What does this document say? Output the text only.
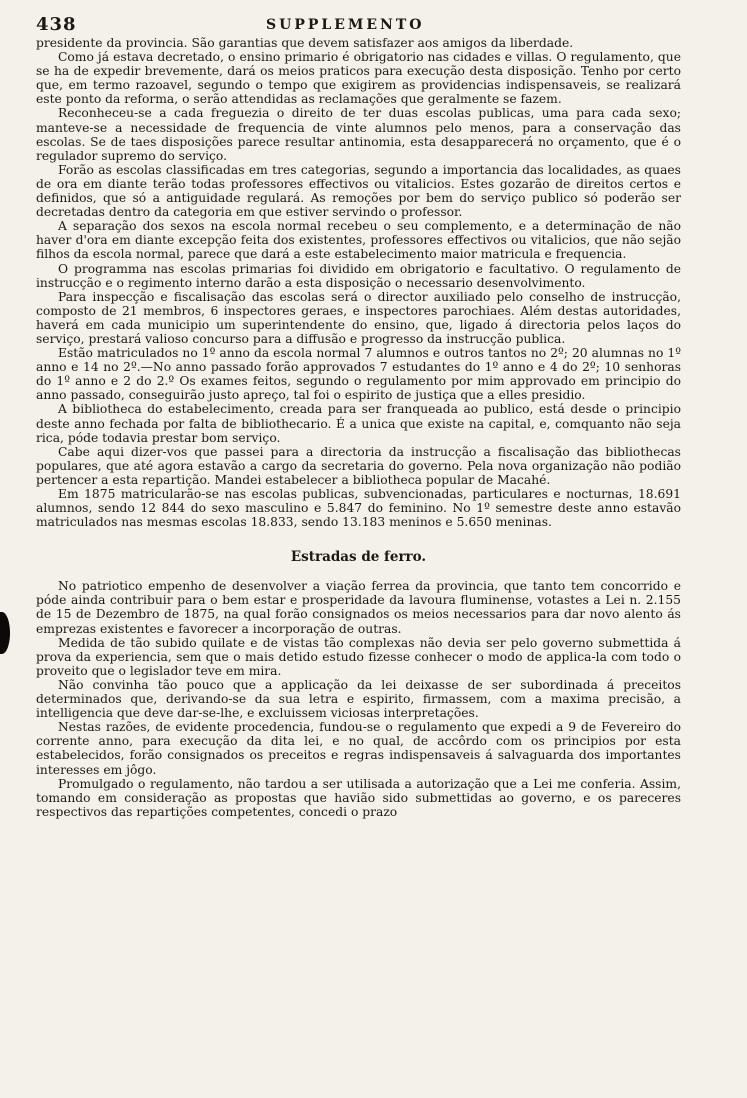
438	SUPPLEMENTO

presidente da provincia. São garantias que devem satisfazer aos amigos da liberdade.

Como já estava decretado, o ensino primario é obrigatorio nas cidades e villas. O regulamento, que se ha de expedir brevemente, dará os meios praticos para execução desta disposição. Tenho por certo que, em termo razoavel, segundo o tempo que exigirem as providencias indispensaveis, se realizará este ponto da reforma, o serão attendidas as reclamações que geralmente se fazem.

Reconheceu-se a cada freguezia o direito de ter duas escolas publicas, uma para cada sexo; manteve-se a necessidade de frequencia de vinte alumnos pelo menos, para a conservação das escolas. Se de taes disposições parece resultar antinomia, esta desapparecerá no orçamento, que é o regulador supremo do serviço.

Forão as escolas classificadas em tres categorias, segundo a importancia das localidades, as quaes de ora em diante terão todas professores effectivos ou vitalicios. Estes gozarão de direitos certos e definidos, que só a antiguidade regulará. As remoções por bem do serviço publico só poderão ser decretadas dentro da categoria em que estiver servindo o professor.

A separação dos sexos na escola normal recebeu o seu complemento, e a determinação de não haver d'ora em diante excepção feita dos existentes, professores effectivos ou vitalicios, que não sejão filhos da escola normal, parece que dará a este estabelecimento maior matricula e frequencia.

O programma nas escolas primarias foi dividido em obrigatorio e facultativo. O regulamento de instrucção e o regimento interno darão a esta disposição o necessario desenvolvimento.

Para inspecção e fiscalisação das escolas será o director auxiliado pelo conselho de instrucção, composto de 21 membros, 6 inspectores geraes, e inspectores parochiaes. Além destas autoridades, haverá em cada municipio um superintendente do ensino, que, ligado á directoria pelos laços do serviço, prestará valioso concurso para a diffusão e progresso da instrucção publica.

Estão matriculados no 1º anno da escola normal 7 alumnos e outros tantos no 2º; 20 alumnas no 1º anno e 14 no 2º.—No anno passado forão approvados 7 estudantes do 1º anno e 4 do 2º; 10 senhoras do 1º anno e 2 do 2.º Os exames feitos, segundo o regulamento por mim approvado em principio do anno passado, conseguirão justo apreço, tal foi o espirito de justiça que a elles presidio.

A bibliotheca do estabelecimento, creada para ser franqueada ao publico, está desde o principio deste anno fechada por falta de bibliothecario. É a unica que existe na capital, e, comquanto não seja rica, póde todavia prestar bom serviço.

Cabe aqui dizer-vos que passei para a directoria da instrucção a fiscalisação das bibliothecas populares, que até agora estavão a cargo da secretaria do governo. Pela nova organização não podião pertencer a esta repartição. Mandei estabelecer a bibliotheca popular de Macahé.

Em 1875 matricularão-se nas escolas publicas, subvencionadas, particulares e nocturnas, 18.691 alumnos, sendo 12 844 do sexo masculino e 5.847 do feminino. No 1º semestre deste anno estavão matriculados nas mesmas escolas 18.833, sendo 13.183 meninos e 5.650 meninas.

Estradas de ferro.

No patriotico empenho de desenvolver a viação ferrea da provincia, que tanto tem concorrido e póde ainda contribuir para o bem estar e prosperidade da lavoura fluminense, votastes a Lei n. 2.155 de 15 de Dezembro de 1875, na qual forão consignados os meios necessarios para dar novo alento ás emprezas existentes e favorecer a incorporação de outras.

Medida de tão subido quilate e de vistas tão complexas não devia ser pelo governo submettida á prova da experiencia, sem que o mais detido estudo fizesse conhecer o modo de applica-la com todo o proveito que o legislador teve em mira.

Não convinha tão pouco que a applicação da lei deixasse de ser subordinada á preceitos determinados que, derivando-se da sua letra e espirito, firmassem, com a maxima precisão, a intelligencia que deve dar-se-lhe, e excluissem viciosas interpretações.

Nestas razões, de evidente procedencia, fundou-se o regulamento que expedi a 9 de Fevereiro do corrente anno, para execução da dita lei, e no qual, de accôrdo com os principios por esta estabelecidos, forão consignados os preceitos e regras indispensaveis á salvaguarda dos importantes interesses em jôgo.

Promulgado o regulamento, não tardou a ser utilisada a autorização que a Lei me conferia. Assim, tomando em consideração as propostas que havião sido submettidas ao governo, e os pareceres respectivos das repartições competentes, concedi o prazo
